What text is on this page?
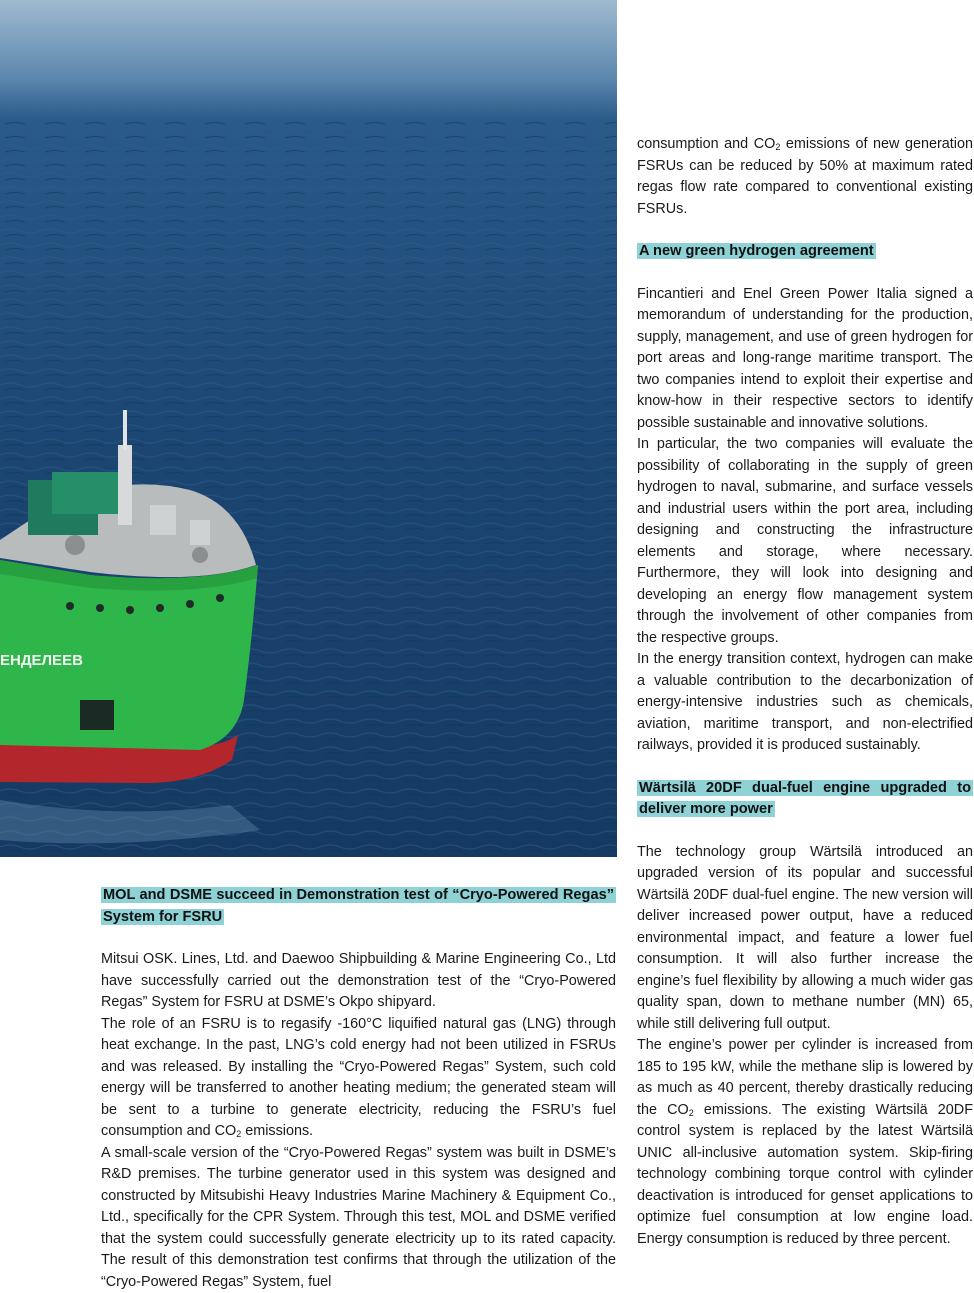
ЕНДЕЛЕЕВ

consumption and $CO_2$ emissions of new generation FSRUs can be reduced by 50% at maximum rated regas flow rate compared to conventional existing FSRUs.

A new green hydrogen agreement

Fincantieri and Enel Green Power Italia signed a memorandum of understanding for the production, supply, management, and use of green hydrogen for port areas and long-range maritime transport. The two companies intend to exploit their expertise and know-how in their respective sectors to identify possible sustainable and innovative solutions.

In particular, the two companies will evaluate the possibility of collaborating in the supply of green hydrogen to naval, submarine, and surface vessels and industrial users within the port area, including designing and constructing the infrastructure elements and storage, where necessary. Furthermore, they will look into designing and developing an energy flow management system through the involvement of other companies from the respective groups.

In the energy transition context, hydrogen can make a valuable contribution to the decarbonization of energy-intensive industries such as chemicals, aviation, maritime transport, and non-electrified railways, provided it is produced sustainably.

Wärtsilä 20DF dual-fuel engine upgraded to deliver more power

The technology group Wärtsilä introduced an upgraded version of its popular and successful Wärtsilä 20DF dual-fuel engine. The new version will deliver increased power output, have a reduced environmental impact, and feature a lower fuel consumption. It will also further increase the engine’s fuel flexibility by allowing a much wider gas quality span, down to methane number (MN) 65, while still delivering full output.

The engine’s power per cylinder is increased from 185 to 195 kW, while the methane slip is lowered by as much as 40 percent, thereby drastically reducing the $CO_2$ emissions. The existing Wärtsilä 20DF control system is replaced by the latest Wärtsilä UNIC all-inclusive automation system. Skip-firing technology combining torque control with cylinder deactivation is introduced for genset applications to optimize fuel consumption at low engine load. Energy consumption is reduced by three percent.

MOL and DSME succeed in Demonstration test of “Cryo-Powered Regas” System for FSRU

Mitsui OSK. Lines, Ltd. and Daewoo Shipbuilding & Marine Engineering Co., Ltd have successfully carried out the demonstration test of the “Cryo-Powered Regas” System for FSRU at DSME’s Okpo shipyard.

The role of an FSRU is to regasify -160°C liquified natural gas (LNG) through heat exchange. In the past, LNG’s cold energy had not been utilized in FSRUs and was released. By installing the “Cryo-Powered Regas” System, such cold energy will be transferred to another heating medium; the generated steam will be sent to a turbine to generate electricity, reducing the FSRU’s fuel consumption and $CO_2$ emissions.

A small-scale version of the “Cryo-Powered Regas” system was built in DSME’s R&D premises. The turbine generator used in this system was designed and constructed by Mitsubishi Heavy Industries Marine Machinery & Equipment Co., Ltd., specifically for the CPR System. Through this test, MOL and DSME verified that the system could successfully generate electricity up to its rated capacity. The result of this demonstration test confirms that through the utilization of the “Cryo-Powered Regas” System, fuel
